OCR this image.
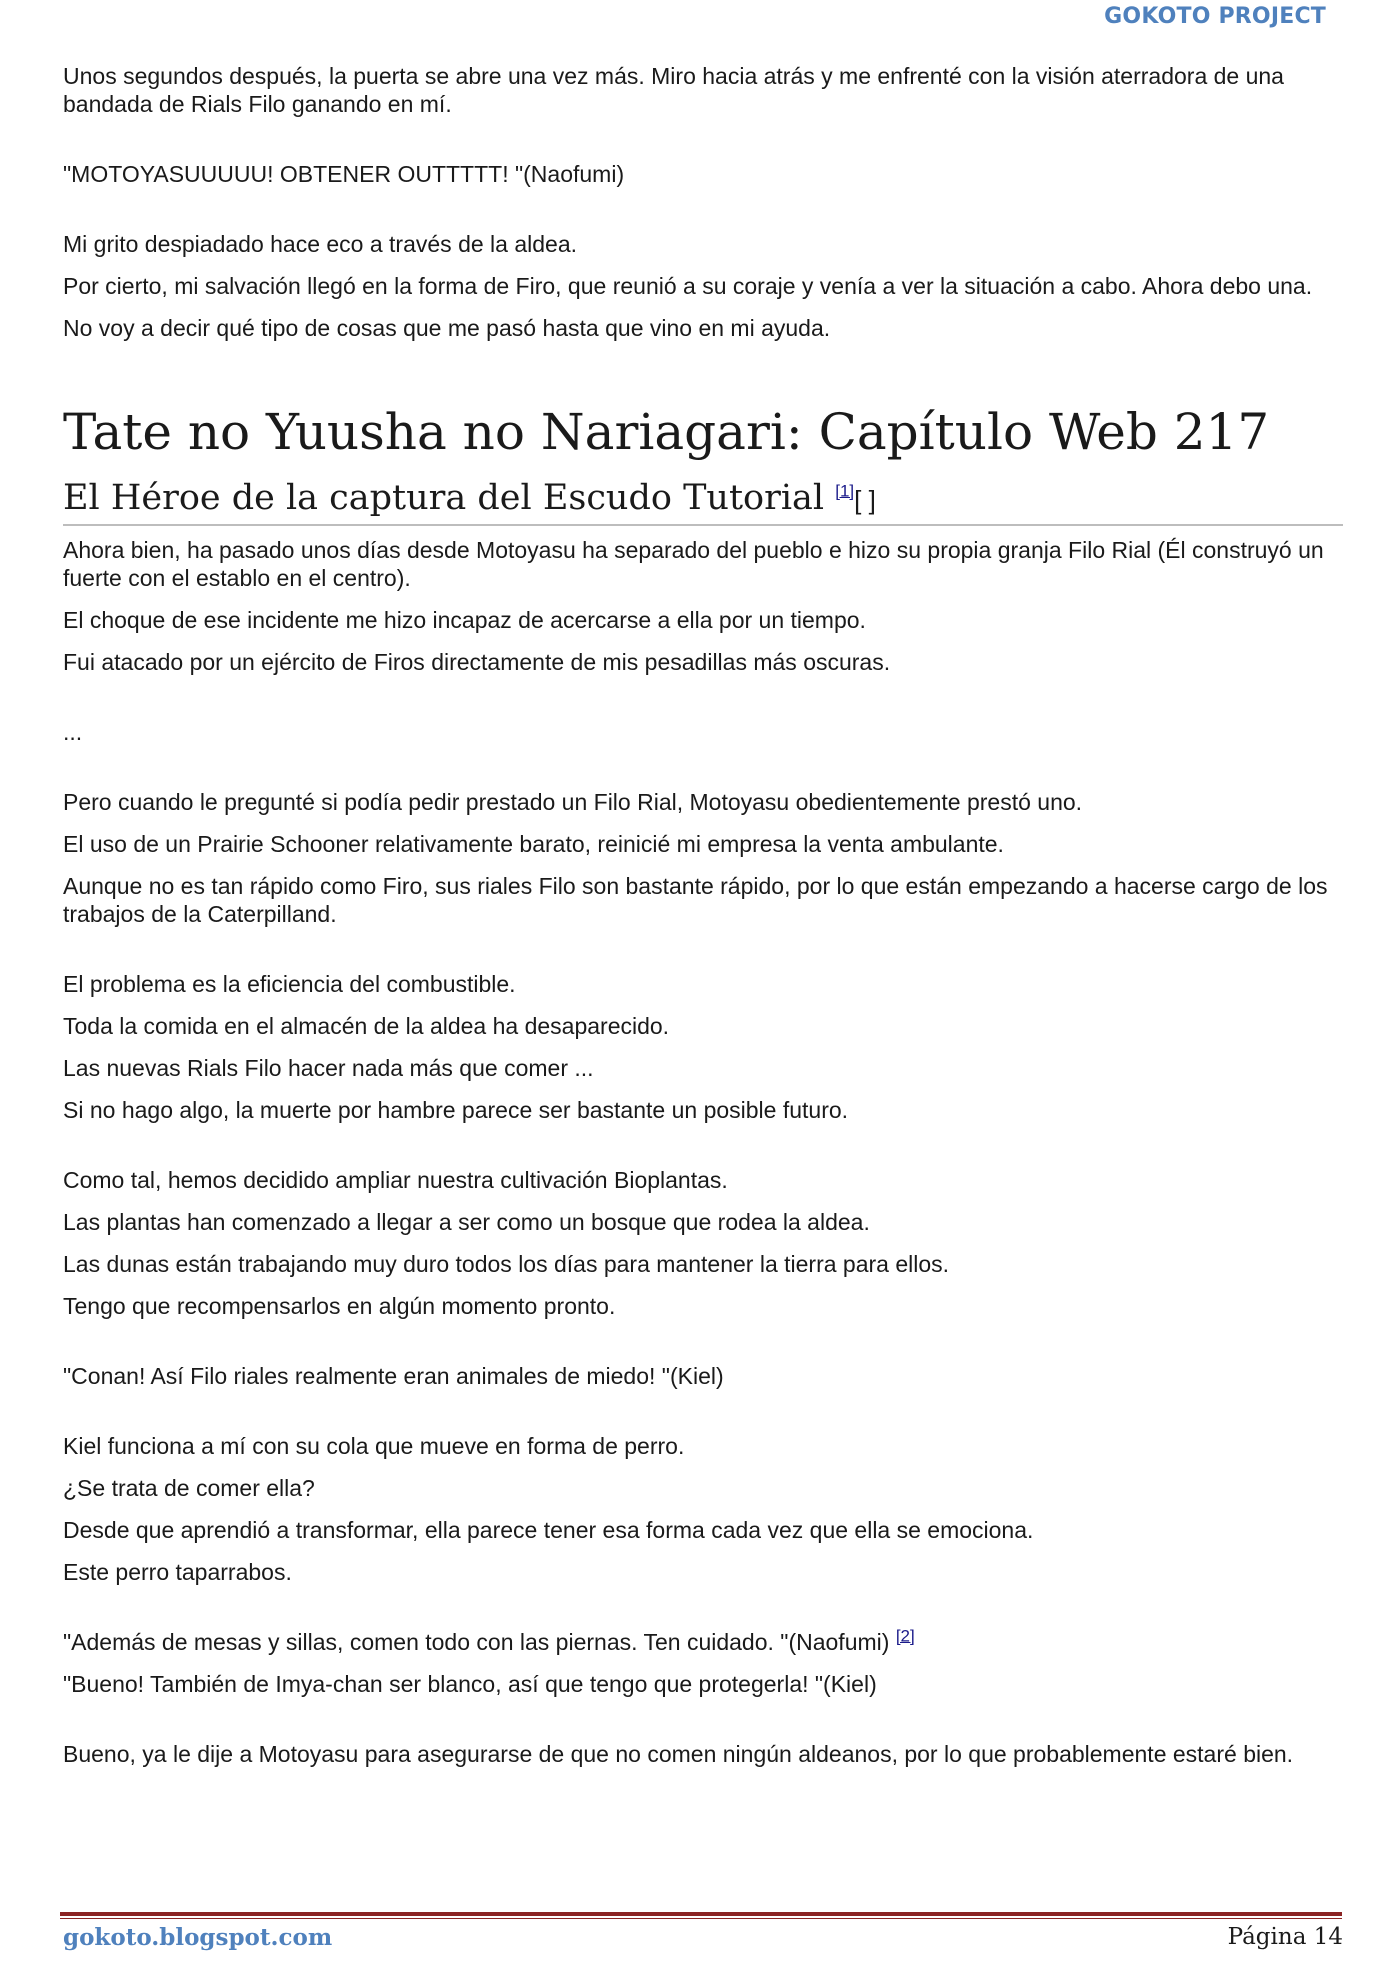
GOKOTO PROJECT

Unos segundos después, la puerta se abre una vez más. Miro hacia atrás y me enfrenté con la visión aterradora de una bandada de Rials Filo ganando en mí.

"MOTOYASUUUUU! OBTENER OUTTTTT! "(Naofumi)

Mi grito despiadado hace eco a través de la aldea.

Por cierto, mi salvación llegó en la forma de Firo, que reunió a su coraje y venía a ver la situación a cabo. Ahora debo una.

No voy a decir qué tipo de cosas que me pasó hasta que vino en mi ayuda.

Tate no Yuusha no Nariagari: Capítulo Web 217
El Héroe de la captura del Escudo Tutorial [1][ ]

Ahora bien, ha pasado unos días desde Motoyasu ha separado del pueblo e hizo su propia granja Filo Rial (Él construyó un fuerte con el establo en el centro).

El choque de ese incidente me hizo incapaz de acercarse a ella por un tiempo.

Fui atacado por un ejército de Firos directamente de mis pesadillas más oscuras.

...

Pero cuando le pregunté si podía pedir prestado un Filo Rial, Motoyasu obedientemente prestó uno.

El uso de un Prairie Schooner relativamente barato, reinicié mi empresa la venta ambulante.

Aunque no es tan rápido como Firo, sus riales Filo son bastante rápido, por lo que están empezando a hacerse cargo de los trabajos de la Caterpilland.

El problema es la eficiencia del combustible.

Toda la comida en el almacén de la aldea ha desaparecido.

Las nuevas Rials Filo hacer nada más que comer ...

Si no hago algo, la muerte por hambre parece ser bastante un posible futuro.

Como tal, hemos decidido ampliar nuestra cultivación Bioplantas.

Las plantas han comenzado a llegar a ser como un bosque que rodea la aldea.

Las dunas están trabajando muy duro todos los días para mantener la tierra para ellos.

Tengo que recompensarlos en algún momento pronto.

"Conan! Así Filo riales realmente eran animales de miedo! "(Kiel)

Kiel funciona a mí con su cola que mueve en forma de perro.

¿Se trata de comer ella?

Desde que aprendió a transformar, ella parece tener esa forma cada vez que ella se emociona.

Este perro taparrabos.

"Además de mesas y sillas, comen todo con las piernas. Ten cuidado. "(Naofumi) [2]

"Bueno! También de Imya-chan ser blanco, así que tengo que protegerla! "(Kiel)

Bueno, ya le dije a Motoyasu para asegurarse de que no comen ningún aldeanos, por lo que probablemente estaré bien.

gokoto.blogspot.com	Página 14
